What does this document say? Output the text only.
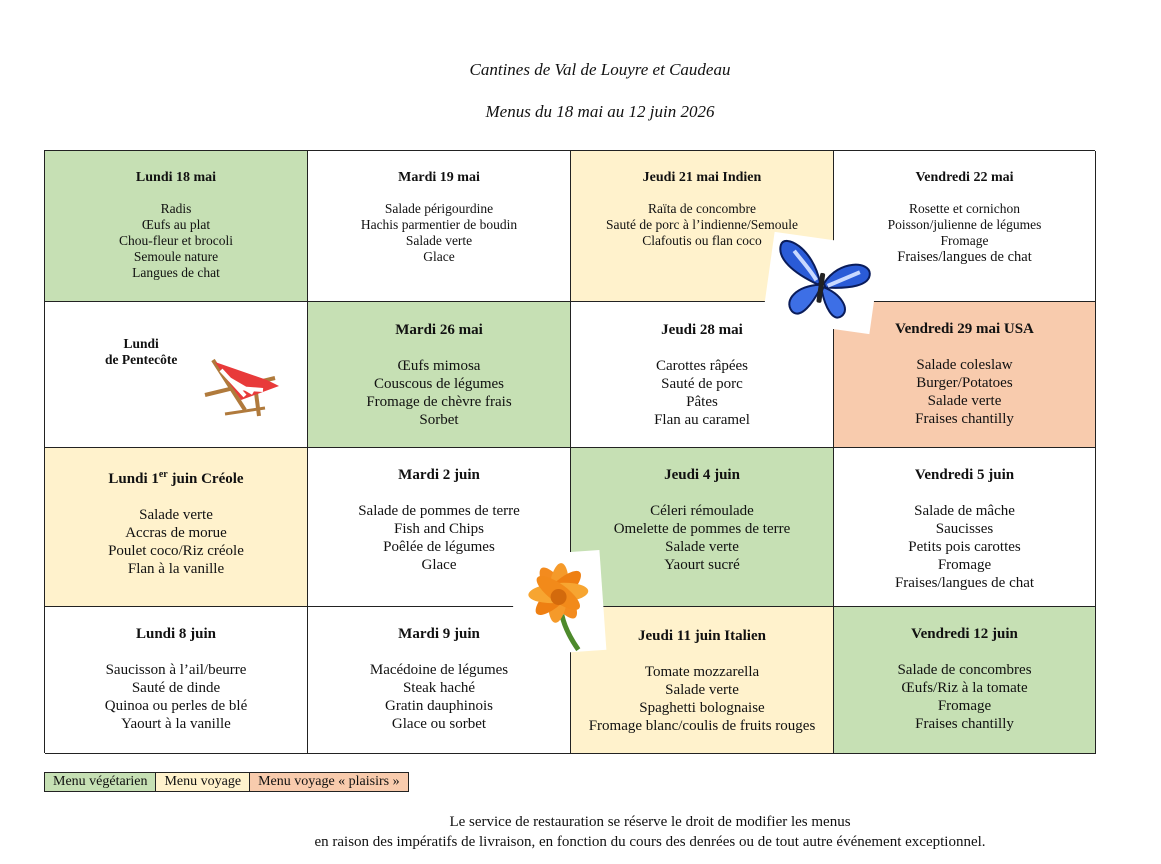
Cantines de Val de Louyre et Caudeau
Menus du 18 mai au 12 juin 2026
Lundi 18 mai
Radis
Œufs au plat
Chou-fleur et brocoli
Semoule nature
Langues de chat
Mardi 19 mai
Salade périgourdine
Hachis parmentier de boudin
Salade verte
Glace
Jeudi 21 mai Indien
Raïta de concombre
Sauté de porc à l’indienne/Semoule
Clafoutis ou flan coco
Vendredi 22 mai
Rosette et cornichon
Poisson/julienne de légumes
Fromage
Fraises/langues de chat
Lundi
de Pentecôte
Mardi 26 mai
Œufs mimosa
Couscous de légumes
Fromage de chèvre frais
Sorbet
Jeudi 28 mai
Carottes râpées
Sauté de porc
Pâtes
Flan au caramel
Vendredi 29 mai USA
Salade coleslaw
Burger/Potatoes
Salade verte
Fraises chantilly
Lundi 1er juin Créole
Salade verte
Accras de morue
Poulet coco/Riz créole
Flan à la vanille
Mardi 2 juin
Salade de pommes de terre
Fish and Chips
Poêlée de légumes
Glace
Jeudi 4 juin
Céleri rémoulade
Omelette de pommes de terre
Salade verte
Yaourt sucré
Vendredi 5 juin
Salade de mâche
Saucisses
Petits pois carottes
Fromage
Fraises/langues de chat
Lundi 8 juin
Saucisson à l’ail/beurre
Sauté de dinde
Quinoa ou perles de blé
Yaourt à la vanille
Mardi 9 juin
Macédoine de légumes
Steak haché
Gratin dauphinois
Glace ou sorbet
Jeudi 11 juin Italien
Tomate mozzarella
Salade verte
Spaghetti bolognaise
Fromage blanc/coulis de fruits rouges
Vendredi 12 juin
Salade de concombres
Œufs/Riz à la tomate
Fromage
Fraises chantilly
Menu végétarien	Menu voyage	Menu voyage « plaisirs »
Le service de restauration se réserve le droit de modifier les menus
en raison des impératifs de livraison, en fonction du cours des denrées ou de tout autre événement exceptionnel.
